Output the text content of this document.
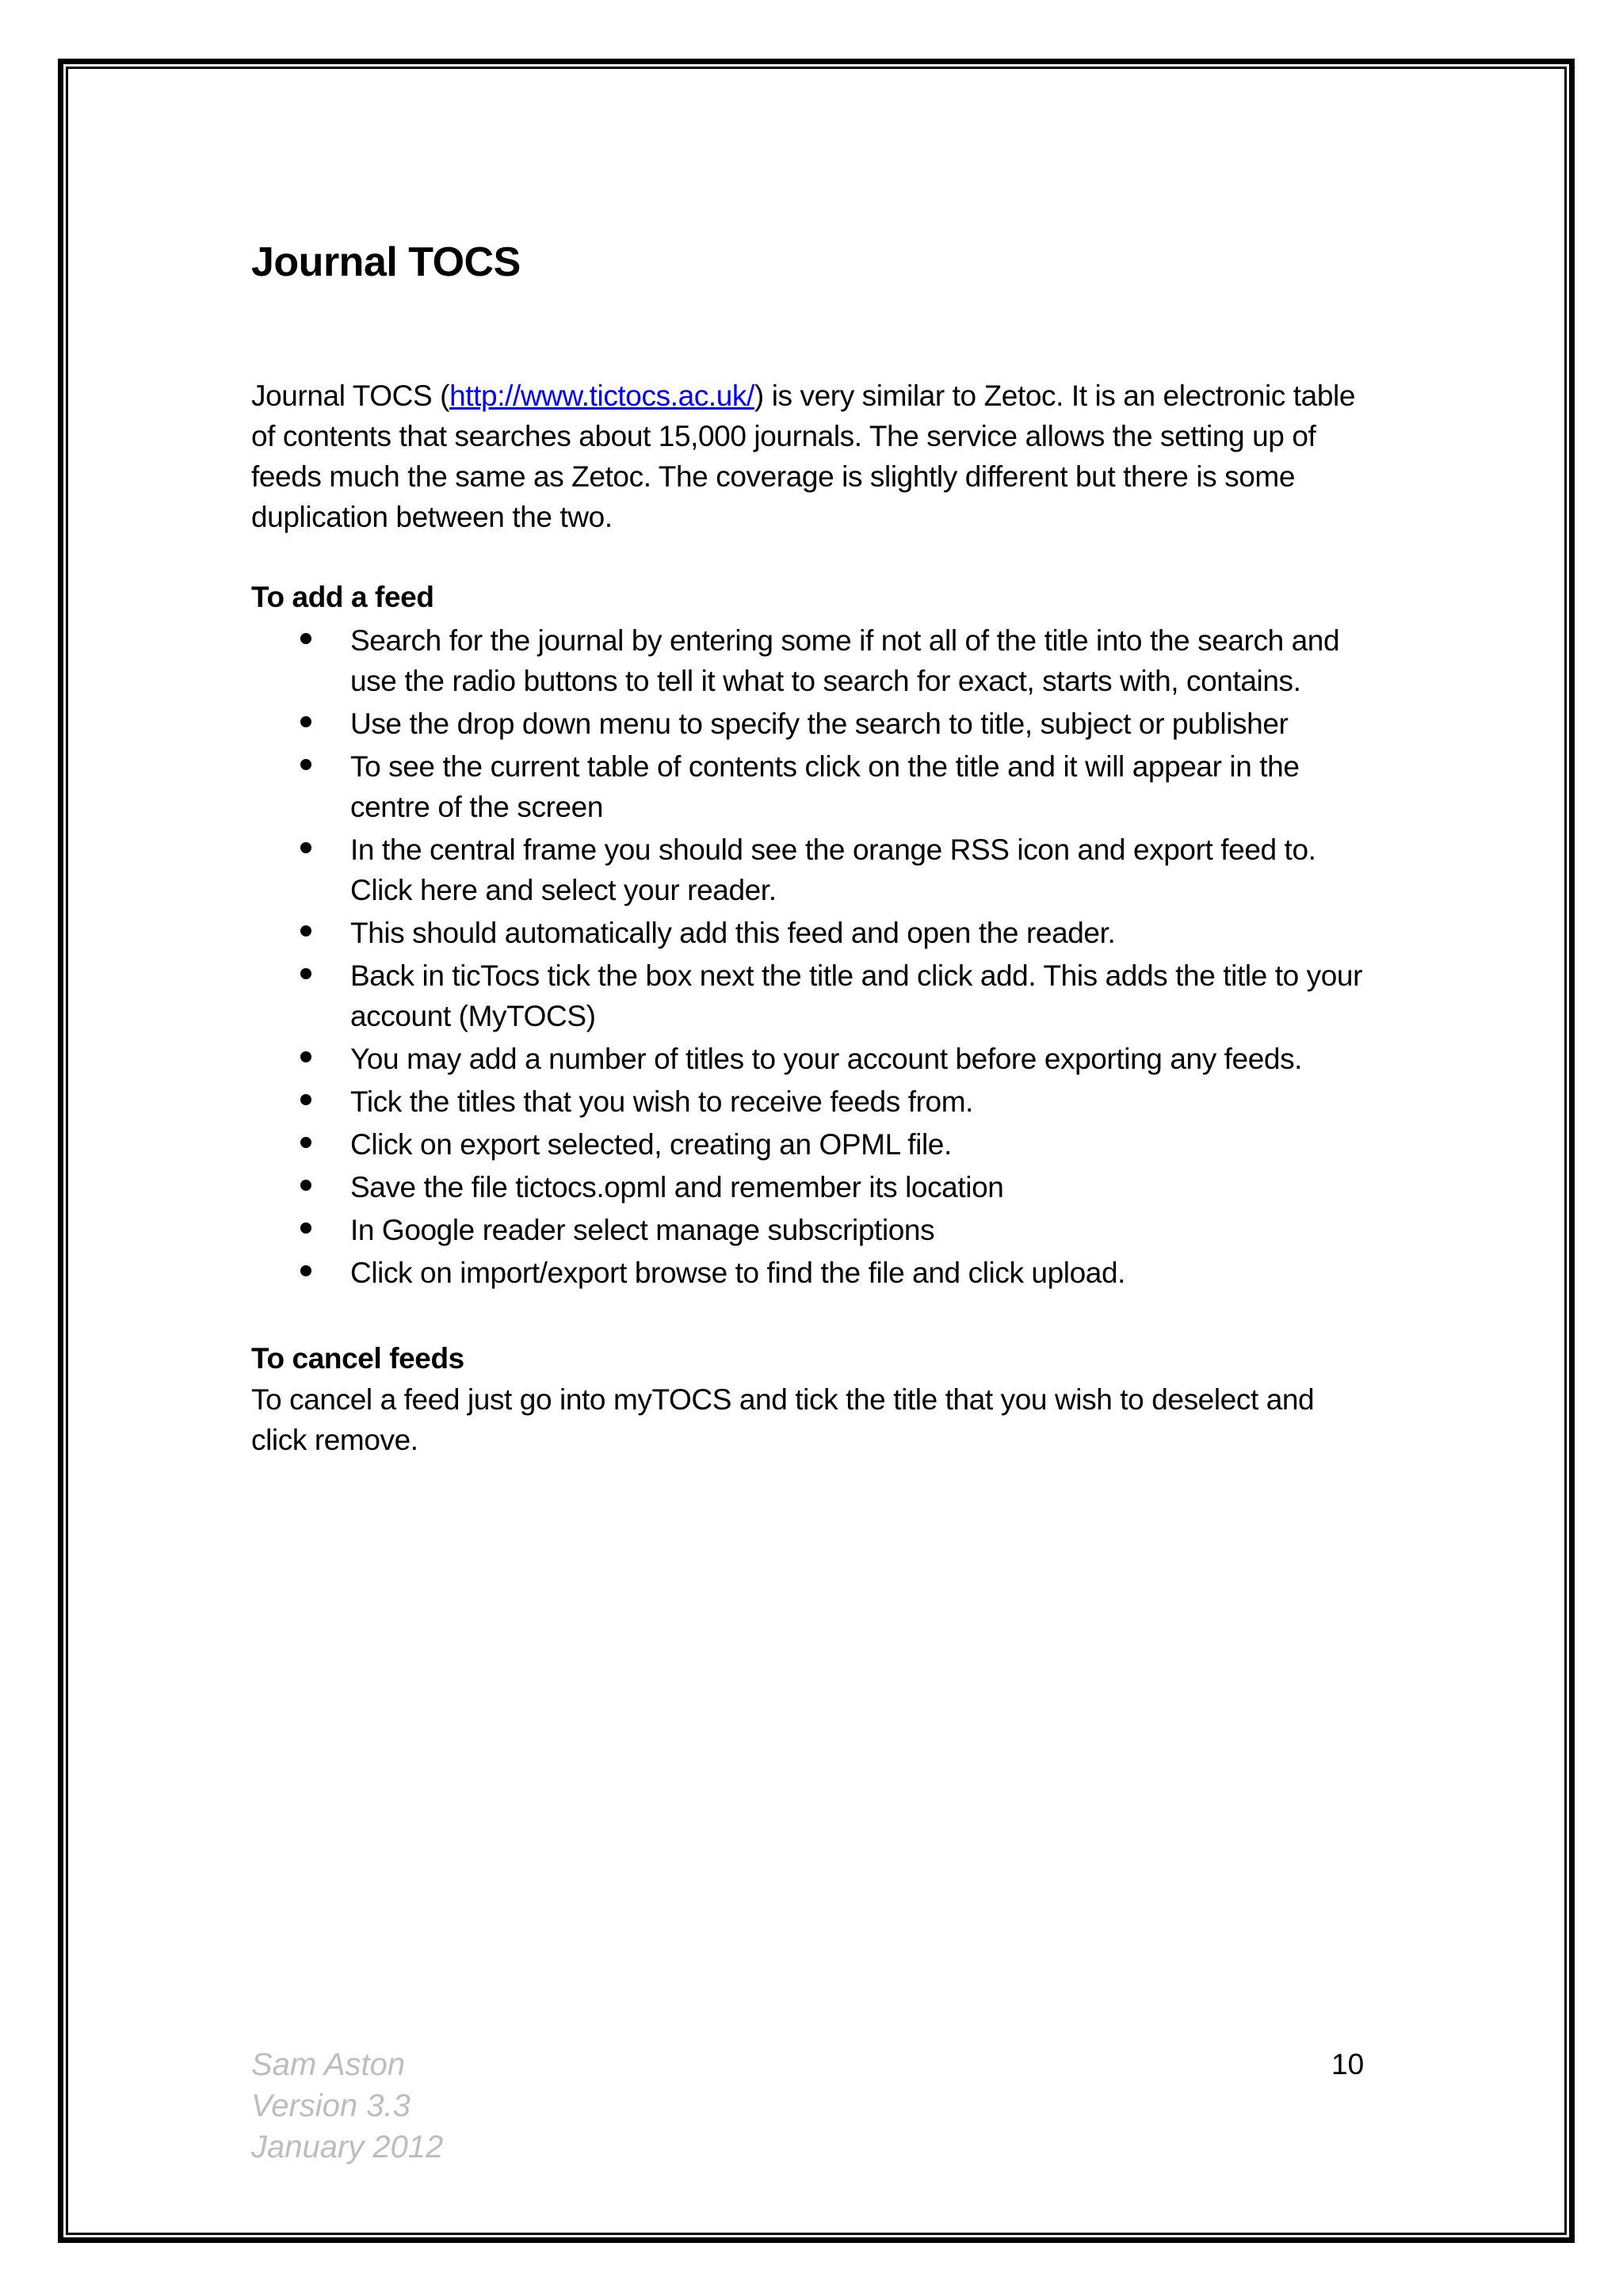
Journal TOCS

Journal TOCS (http://www.tictocs.ac.uk/) is very similar to Zetoc. It is an electronic table of contents that searches about 15,000 journals. The service allows the setting up of feeds much the same as Zetoc. The coverage is slightly different but there is some duplication between the two.

To add a feed
Search for the journal by entering some if not all of the title into the search and use the radio buttons to tell it what to search for exact, starts with, contains.
Use the drop down menu to specify the search to title, subject or publisher
To see the current table of contents click on the title and it will appear in the centre of the screen
In the central frame you should see the orange RSS icon and export feed to. Click here and select your reader.
This should automatically add this feed and open the reader.
Back in ticTocs tick the box next the title and click add. This adds the title to your account (MyTOCS)
You may add a number of titles to your account before exporting any feeds.
Tick the titles that you wish to receive feeds from.
Click on export selected, creating an OPML file.
Save the file tictocs.opml and remember its location
In Google reader select manage subscriptions
Click on import/export browse to find the file and click upload.
To cancel feeds

To cancel a feed just go into myTOCS and tick the title that you wish to deselect and click remove.

Sam Aston
Version 3.3
January 2012
10
